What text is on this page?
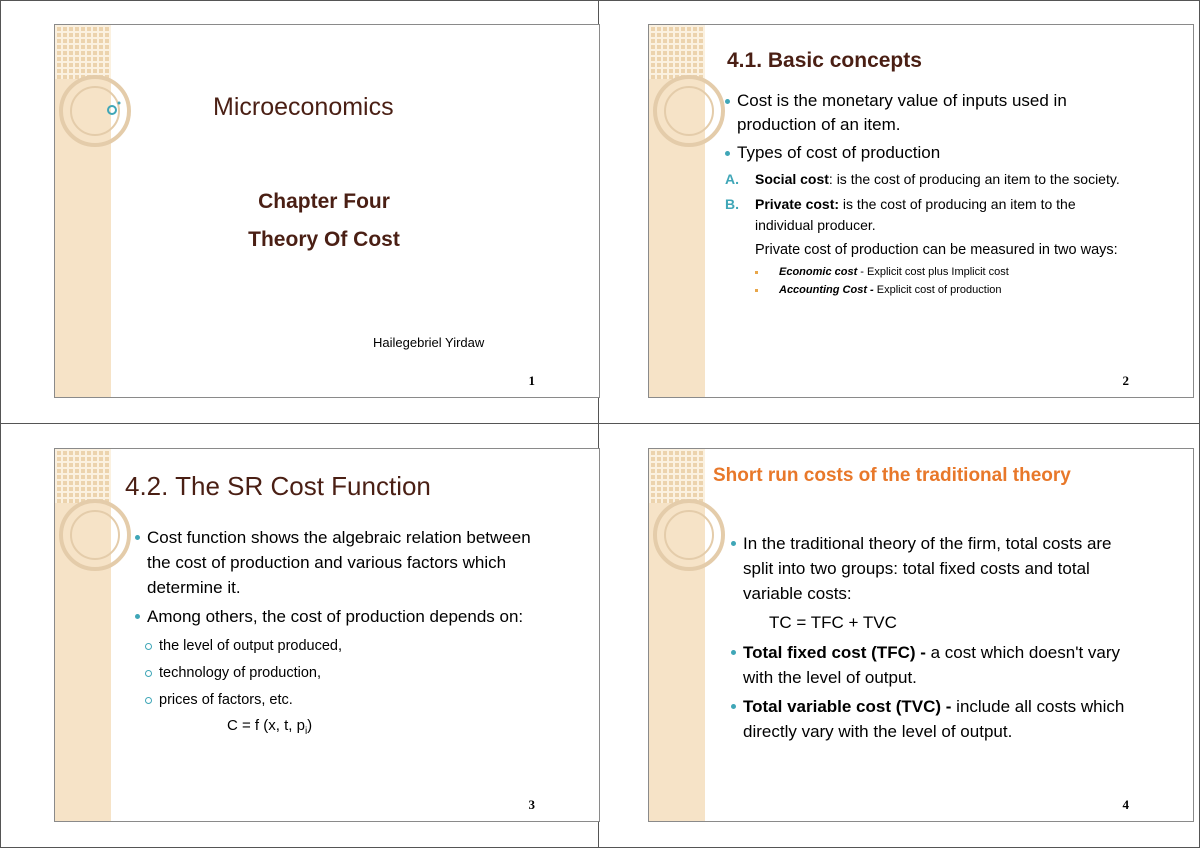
Microeconomics
Chapter Four
Theory Of Cost
Hailegebriel Yirdaw
1
4.1. Basic concepts
Cost is the monetary value of inputs used in production of an item.
Types of cost of production
A. Social cost: is the cost of producing an item to the society.
B. Private cost: is the cost of producing an item to the individual producer.
Private cost of production can be measured in two ways:
Economic cost - Explicit cost plus Implicit cost
Accounting Cost - Explicit cost of production
2
4.2. The SR Cost Function
Cost function shows the algebraic relation between the cost of production and various factors which determine it.
Among others, the cost of production depends on:
the level of output produced,
technology of production,
prices of factors, etc.
C = f (x, t, $p_i$)
3
Short run costs of the traditional theory
In the traditional theory of the firm, total costs are split into two groups: total fixed costs and total variable costs:
TC = TFC + TVC
Total fixed cost (TFC) - a cost which doesn't vary with the level of output.
Total variable cost (TVC) - include all costs which directly vary with the level of output.
4
